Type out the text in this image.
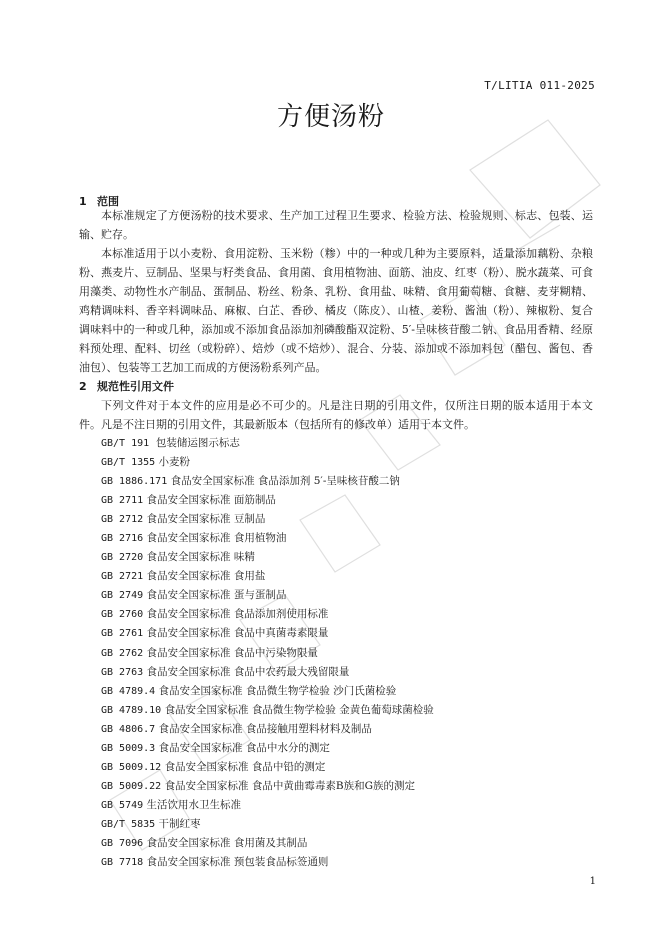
T/LITIA 011-2025
方便汤粉
1 范围

本标准规定了方便汤粉的技术要求、生产加工过程卫生要求、检验方法、检验规则、标志、包装、运输、贮存。

本标准适用于以小麦粉、食用淀粉、玉米粉（糁）中的一种或几种为主要原料，适量添加藕粉、杂粮粉、燕麦片、豆制品、坚果与籽类食品、食用菌、食用植物油、面筋、油皮、红枣（粉）、脱水蔬菜、可食用藻类、动物性水产制品、蛋制品、粉丝、粉条、乳粉、食用盐、味精、食用葡萄糖、食糖、麦芽糊精、鸡精调味料、香辛料调味品、麻椒、白芷、香砂、橘皮（陈皮）、山楂、姜粉、酱油（粉）、辣椒粉、复合调味料中的一种或几种，添加或不添加食品添加剂磷酸酯双淀粉、5′-呈味核苷酸二钠、食品用香精、经原料预处理、配料、切丝（或粉碎）、焙炒（或不焙炒）、混合、分装、添加或不添加料包（醋包、酱包、香油包）、包装等工艺加工而成的方便汤粉系列产品。

2 规范性引用文件

下列文件对于本文件的应用是必不可少的。凡是注日期的引用文件，仅所注日期的版本适用于本文件。凡是不注日期的引用文件，其最新版本（包括所有的修改单）适用于本文件。

GB/T 191 包装储运图示标志
GB/T 1355 小麦粉
GB 1886.171 食品安全国家标准 食品添加剂 5′-呈味核苷酸二钠
GB 2711 食品安全国家标准 面筋制品
GB 2712 食品安全国家标准 豆制品
GB 2716 食品安全国家标准 食用植物油
GB 2720 食品安全国家标准 味精
GB 2721 食品安全国家标准 食用盐
GB 2749 食品安全国家标准 蛋与蛋制品
GB 2760 食品安全国家标准 食品添加剂使用标准
GB 2761 食品安全国家标准 食品中真菌毒素限量
GB 2762 食品安全国家标准 食品中污染物限量
GB 2763 食品安全国家标准 食品中农药最大残留限量
GB 4789.4 食品安全国家标准 食品微生物学检验 沙门氏菌检验
GB 4789.10 食品安全国家标准 食品微生物学检验 金黄色葡萄球菌检验
GB 4806.7 食品安全国家标准 食品接触用塑料材料及制品
GB 5009.3 食品安全国家标准 食品中水分的测定
GB 5009.12 食品安全国家标准 食品中铅的测定
GB 5009.22 食品安全国家标准 食品中黄曲霉毒素B族和G族的测定
GB 5749 生活饮用水卫生标准
GB/T 5835 干制红枣
GB 7096 食品安全国家标准 食用菌及其制品
GB 7718 食品安全国家标准 预包装食品标签通则
1
